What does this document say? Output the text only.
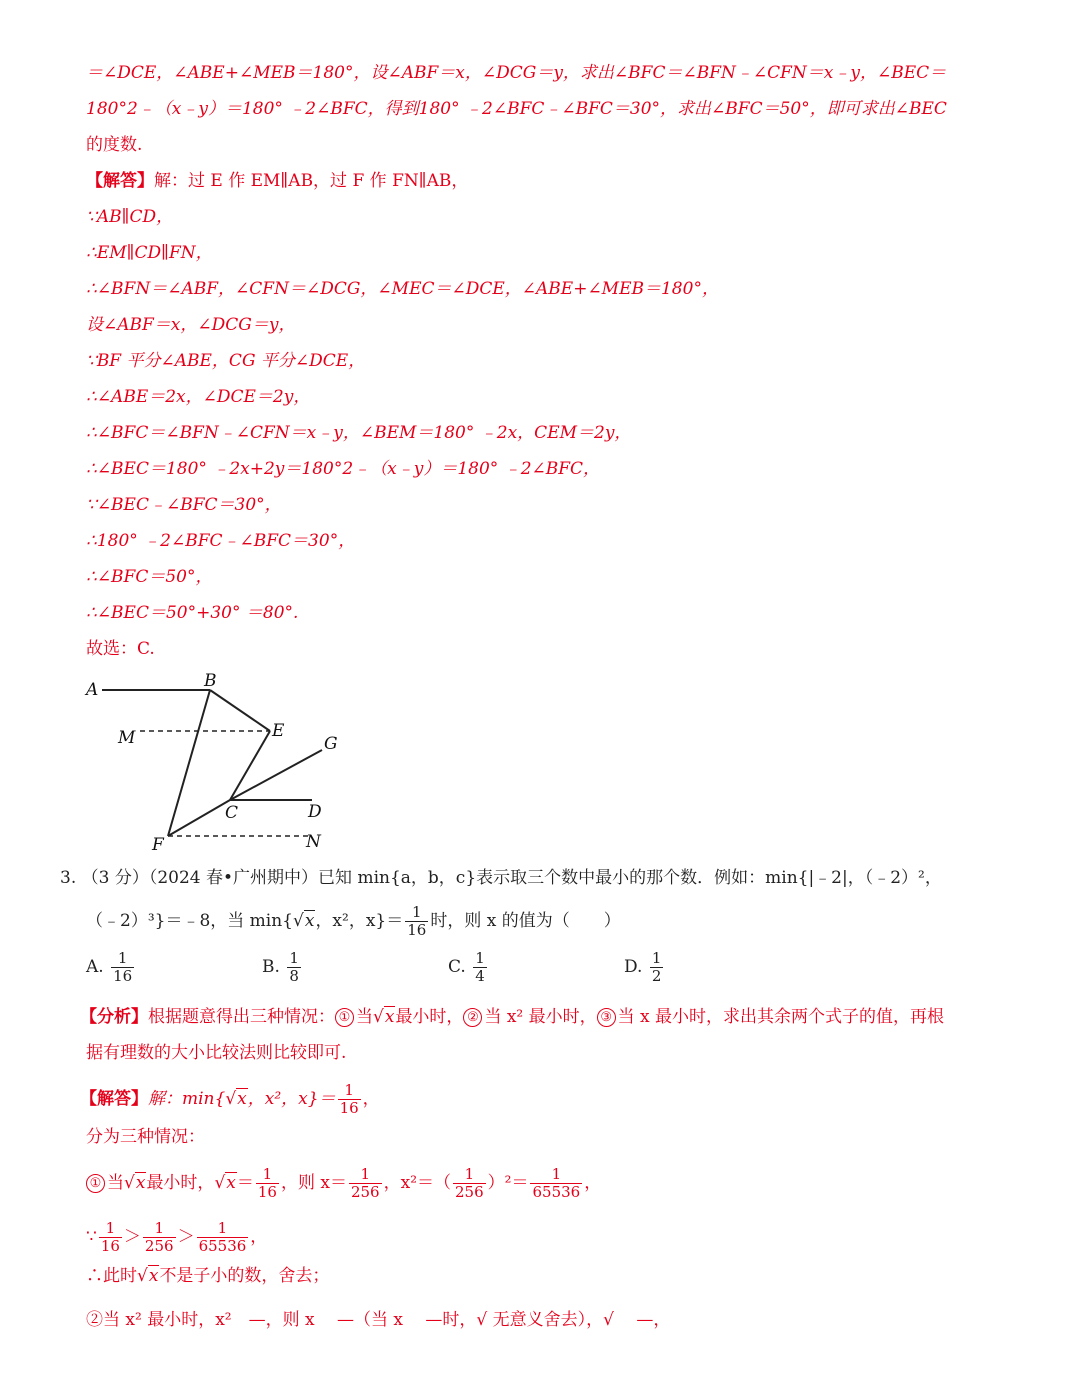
＝∠DCE，∠ABE+∠MEB＝180°，设∠ABF＝x，∠DCG＝y，求出∠BFC＝∠BFN﹣∠CFN＝x﹣y，∠BEC＝
180°2﹣（x﹣y）＝180° ﹣2∠BFC，得到180° ﹣2∠BFC﹣∠BFC＝30°，求出∠BFC＝50°，即可求出∠BEC
的度数.
【解答】解：过 E 作 EM∥AB，过 F 作 FN∥AB，
∵AB∥CD，
∴EM∥CD∥FN，
∴∠BFN＝∠ABF，∠CFN＝∠DCG，∠MEC＝∠DCE，∠ABE+∠MEB＝180°，
设∠ABF＝x，∠DCG＝y，
∵BF 平分∠ABE，CG 平分∠DCE，
∴∠ABE＝2x，∠DCE＝2y，
∴∠BFC＝∠BFN﹣∠CFN＝x﹣y，∠BEM＝180° ﹣2x，CEM＝2y，
∴∠BEC＝180° ﹣2x+2y＝180°2﹣（x﹣y）＝180° ﹣2∠BFC，
∵∠BEC﹣∠BFC＝30°，
∴180° ﹣2∠BFC﹣∠BFC＝30°，
∴∠BFC＝50°，
∴∠BEC＝50°+30° ＝80°.
故选：C.
A	B
M	E
G
C	D
F	N
3. （3 分）（2024 春•广州期中）已知 min{a，b，c}表示取三个数中最小的那个数．例如：min{|﹣2|，（﹣2）²，
（﹣2）³}＝﹣8，当 min{√x，x²，$x\}= \frac{1}{16}$ 时，则 x 的值为（　　）
A. $\frac{1}{16}$	B. $\frac{1}{8}$	C. $\frac{1}{4}$	D. $\frac{1}{2}$
【分析】根据题意得出三种情况： ① 当√x最小时， ② 当 x² 最小时， ③ 当 x 最小时，求出其余两个式子的值，再根
据有理数的大小比较法则比较即可.
【解答】解：min{√x，x²，$x\}= \frac{1}{16}$ ，
分为三种情况：
① 当√x最小时，$√x= \frac{1}{16}$ ，则 $x= \frac{1}{256}$ ，$x^2=( \frac{1}{256} )^2= \frac{1}{65536}$ ，
∵ $\frac{1}{16} > \frac{1}{256} > \frac{1}{65536}$ ，
∴此时√x不是子小的数，舍去；
②当 x² 最小时，x²　—，则 x　 —（当 x　 —时，√ 无意义舍去），√　 —，
